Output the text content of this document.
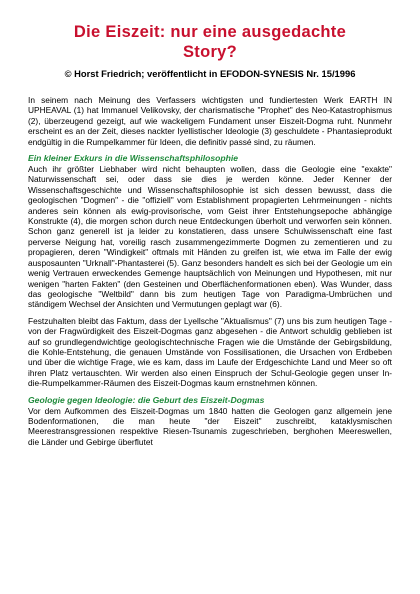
Die Eiszeit: nur eine ausgedachte
Story?
© Horst Friedrich; veröffentlicht in EFODON-SYNESIS Nr. 15/1996

In seinem nach Meinung des Verfassers wichtigsten und fundiertesten Werk EARTH IN UPHEAVAL (1) hat Immanuel Velikovsky, der charismatische "Prophet" des Neo-Katastrophismus (2), überzeugend gezeigt, auf wie wackeligem Fundament unser Eiszeit-Dogma ruht. Nunmehr erscheint es an der Zeit, dieses nackter Iyellistischer Ideologie (3) geschuldete - Phantasieprodukt endgültig in die Rumpelkammer für Ideen, die definitiv passé sind, zu räumen.

Ein kleiner Exkurs in die Wissenschaftsphilosophie

Auch ihr größter Liebhaber wird nicht behaupten wollen, dass die Geologie eine "exakte" Naturwissenschaft sei, oder dass sie dies je werden könne. Jeder Kenner der Wissenschaftsgeschichte und Wissenschaftsphilosophie ist sich dessen bewusst, dass die geologischen "Dogmen" - die "offiziell" vom Establishment propagierten Lehrmeinungen - nichts anderes sein können als ewig-provisorische, vom Geist ihrer Entstehungsepoche abhängige Konstrukte (4), die morgen schon durch neue Entdeckungen überholt und verworfen sein können. Schon ganz generell ist ja leider zu konstatieren, dass unsere Schulwissenschaft eine fast perverse Neigung hat, voreilig rasch zusammengezimmerte Dogmen zu zementieren und zu propagieren, deren "Windigkeit" oftmals mit Händen zu greifen ist, wie etwa im Falle der ewig ausposaunten "Urknall"-Phantasterei (5). Ganz besonders handelt es sich bei der Geologie um ein wenig Vertrauen erweckendes Gemenge hauptsächlich von Meinungen und Hypothesen, mit nur wenigen "harten Fakten" (den Gesteinen und Oberflächenformationen eben). Was Wunder, dass das geologische "Weltbild" dann bis zum heutigen Tage von Paradigma-Umbrüchen und ständigem Wechsel der Ansichten und Vermutungen geplagt war (6).

Festzuhalten bleibt das Faktum, dass der Lyellsche "Aktualismus" (7) uns bis zum heutigen Tage - von der Fragwürdigkeit des Eiszeit-Dogmas ganz abgesehen - die Antwort schuldig geblieben ist auf so grundlegendwichtige geologischtechnische Fragen wie die Umstände der Gebirgsbildung, die Kohle-Entstehung, die genauen Umstände von Fossilisationen, die Ursachen von Erdbeben und über die wichtige Frage, wie es kam, dass im Laufe der Erdgeschichte Land und Meer so oft ihren Platz vertauschten. Wir werden also einen Einspruch der Schul-Geologie gegen unser In-die-Rumpelkammer-Räumen des Eiszeit-Dogmas kaum ernstnehmen können.

Geologie gegen Ideologie: die Geburt des Eiszeit-Dogmas

Vor dem Aufkommen des Eiszeit-Dogmas um 1840 hatten die Geologen ganz allgemein jene Bodenformationen, die man heute "der Eiszeit" zuschreibt, kataklysmischen Meerestransgressionen respektive Riesen-Tsunamis zugeschrieben, berghohen Meereswellen, die Länder und Gebirge überflutet
